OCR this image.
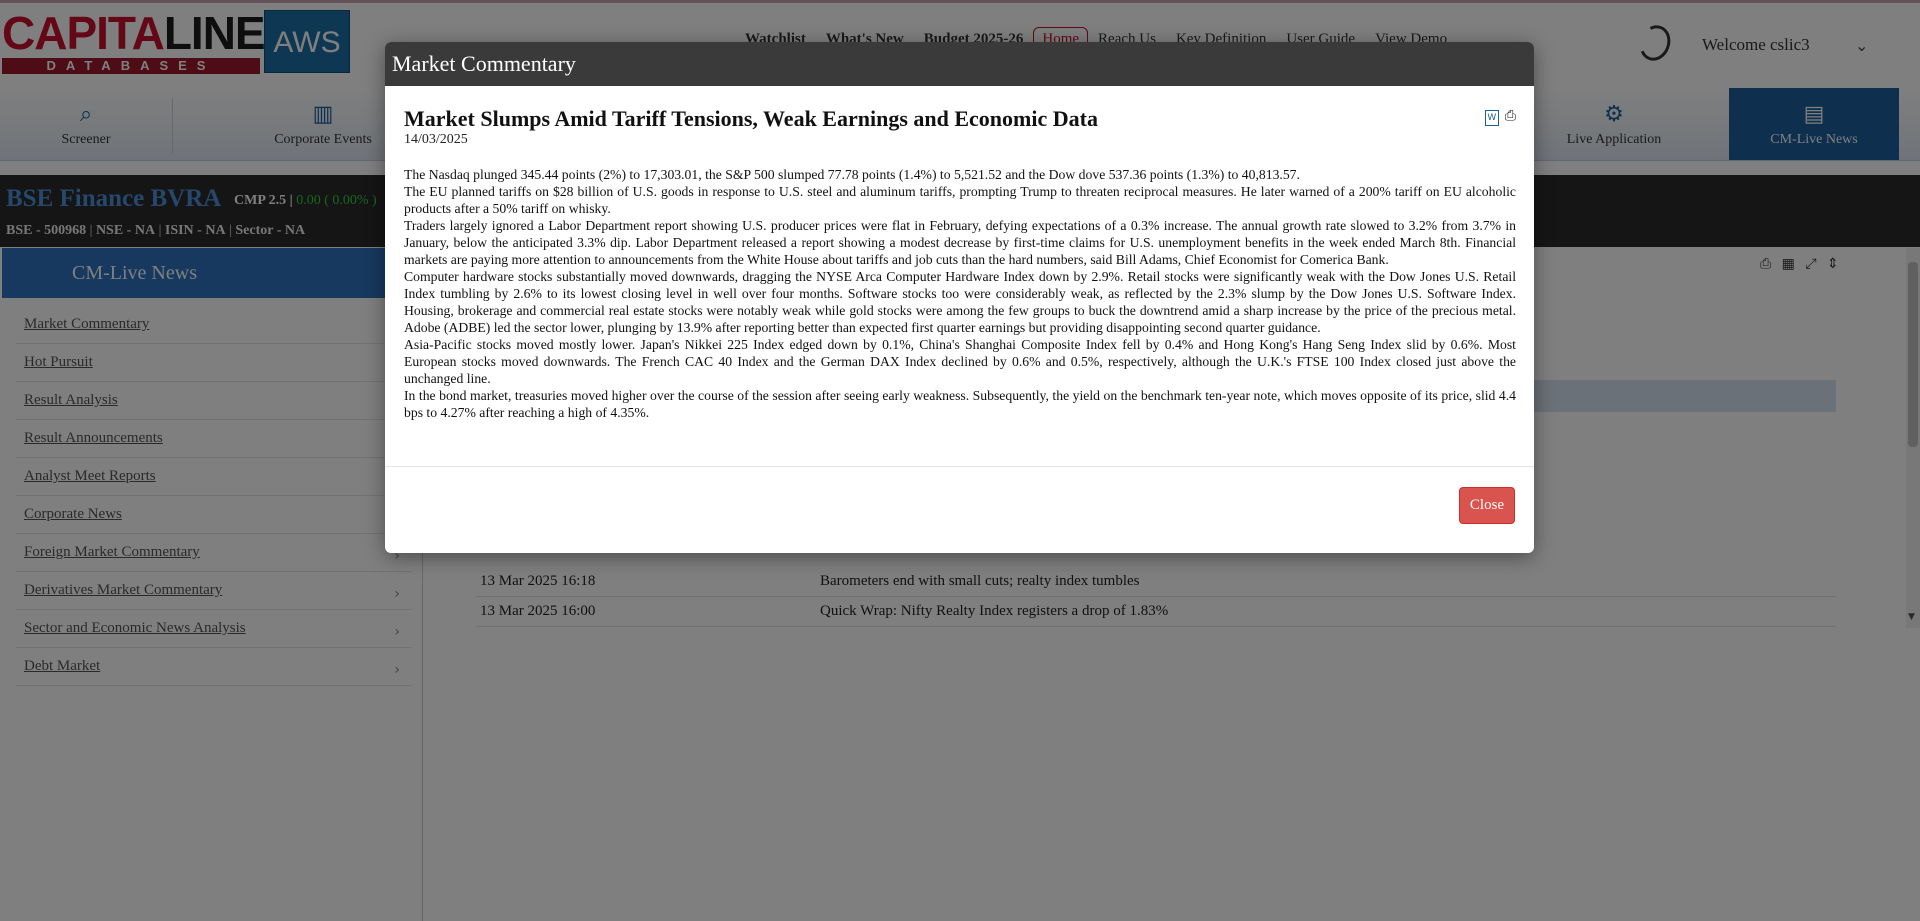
Market Commentary
W ⎙
Market Slumps Amid Tariff Tensions, Weak Earnings and Economic Data
14/03/2025

The Nasdaq plunged 345.44 points (2%) to 17,303.01, the S&P 500 slumped 77.78 points (1.4%) to 5,521.52 and the Dow dove 537.36 points (1.3%) to 40,813.57.

The EU planned tariffs on $28 billion of U.S. goods in response to U.S. steel and aluminum tariffs, prompting Trump to threaten reciprocal measures. He later warned of a 200% tariff on EU alcoholic products after a 50% tariff on whisky.

Traders largely ignored a Labor Department report showing U.S. producer prices were flat in February, defying expectations of a 0.3% increase. The annual growth rate slowed to 3.2% from 3.7% in January, below the anticipated 3.3% dip. Labor Department released a report showing a modest decrease by first-time claims for U.S. unemployment benefits in the week ended March 8th. Financial markets are paying more attention to announcements from the White House about tariffs and job cuts than the hard numbers, said Bill Adams, Chief Economist for Comerica Bank.

Computer hardware stocks substantially moved downwards, dragging the NYSE Arca Computer Hardware Index down by 2.9%. Retail stocks were significantly weak with the Dow Jones U.S. Retail Index tumbling by 2.6% to its lowest closing level in well over four months. Software stocks too were considerably weak, as reflected by the 2.3% slump by the Dow Jones U.S. Software Index. Housing, brokerage and commercial real estate stocks were notably weak while gold stocks were among the few groups to buck the downtrend amid a sharp increase by the price of the precious metal. Adobe (ADBE) led the sector lower, plunging by 13.9% after reporting better than expected first quarter earnings but providing disappointing second quarter guidance.

Asia-Pacific stocks moved mostly lower. Japan's Nikkei 225 Index edged down by 0.1%, China's Shanghai Composite Index fell by 0.4% and Hong Kong's Hang Seng Index slid by 0.6%. Most European stocks moved downwards. The French CAC 40 Index and the German DAX Index declined by 0.6% and 0.5%, respectively, although the U.K.'s FTSE 100 Index closed just above the unchanged line.

In the bond market, treasuries moved higher over the course of the session after seeing early weakness. Subsequently, the yield on the benchmark ten-year note, which moves opposite of its price, slid 4.4 bps to 4.27% after reaching a high of 4.35%.

Close
